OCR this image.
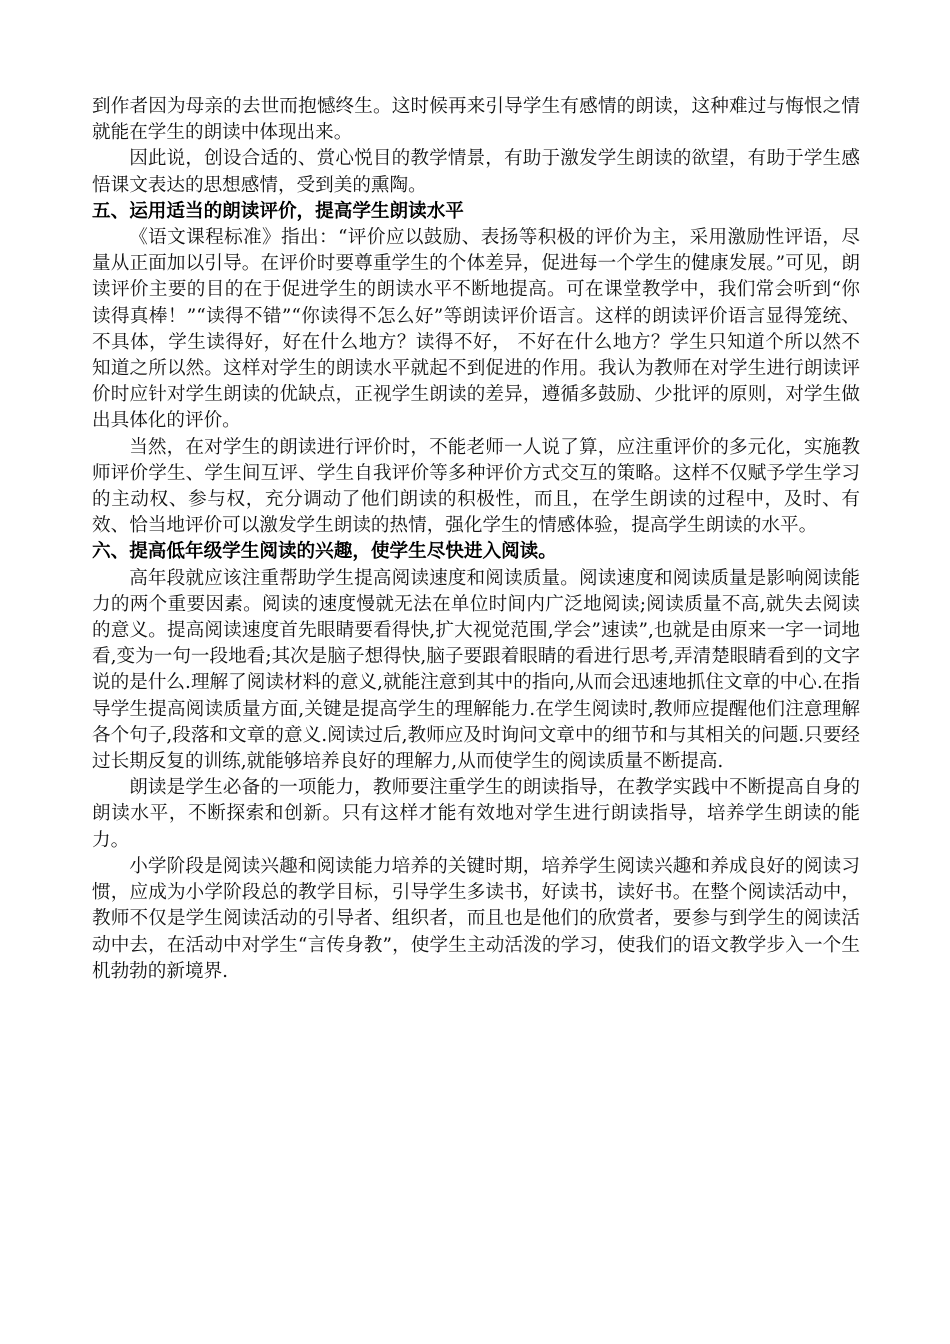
到作者因为母亲的去世而抱憾终生。这时候再来引导学生有感情的朗读，这种难过与悔恨之情就能在学生的朗读中体现出来。

因此说，创设合适的、赏心悦目的教学情景，有助于激发学生朗读的欲望，有助于学生感悟课文表达的思想感情，受到美的熏陶。

五、运用适当的朗读评价，提高学生朗读水平

《语文课程标准》指出：“评价应以鼓励、表扬等积极的评价为主，采用激励性评语，尽量从正面加以引导。在评价时要尊重学生的个体差异，促进每一个学生的健康发展。”可见，朗读评价主要的目的在于促进学生的朗读水平不断地提高。可在课堂教学中，我们常会听到“你读得真棒！”“读得不错”“你读得不怎么好”等朗读评价语言。这样的朗读评价语言显得笼统、不具体，学生读得好，好在什么地方？读得不好， 不好在什么地方？学生只知道个所以然不知道之所以然。这样对学生的朗读水平就起不到促进的作用。我认为教师在对学生进行朗读评价时应针对学生朗读的优缺点，正视学生朗读的差异，遵循多鼓励、少批评的原则，对学生做出具体化的评价。

当然，在对学生的朗读进行评价时，不能老师一人说了算，应注重评价的多元化，实施教师评价学生、学生间互评、学生自我评价等多种评价方式交互的策略。这样不仅赋予学生学习的主动权、参与权，充分调动了他们朗读的积极性，而且，在学生朗读的过程中，及时、有效、恰当地评价可以激发学生朗读的热情，强化学生的情感体验，提高学生朗读的水平。

六、提高低年级学生阅读的兴趣，使学生尽快进入阅读。

高年段就应该注重帮助学生提高阅读速度和阅读质量。阅读速度和阅读质量是影响阅读能力的两个重要因素。阅读的速度慢就无法在单位时间内广泛地阅读;阅读质量不高,就失去阅读的意义。提高阅读速度首先眼睛要看得快,扩大视觉范围,学会”速读”,也就是由原来一字一词地看,变为一句一段地看;其次是脑子想得快,脑子要跟着眼睛的看进行思考,弄清楚眼睛看到的文字说的是什么.理解了阅读材料的意义,就能注意到其中的指向,从而会迅速地抓住文章的中心.在指导学生提高阅读质量方面,关键是提高学生的理解能力.在学生阅读时,教师应提醒他们注意理解各个句子,段落和文章的意义.阅读过后,教师应及时询问文章中的细节和与其相关的问题.只要经过长期反复的训练,就能够培养良好的理解力,从而使学生的阅读质量不断提高.

朗读是学生必备的一项能力，教师要注重学生的朗读指导，在教学实践中不断提高自身的朗读水平，不断探索和创新。只有这样才能有效地对学生进行朗读指导，培养学生朗读的能力。

小学阶段是阅读兴趣和阅读能力培养的关键时期，培养学生阅读兴趣和养成良好的阅读习惯，应成为小学阶段总的教学目标，引导学生多读书，好读书，读好书。在整个阅读活动中，教师不仅是学生阅读活动的引导者、组织者，而且也是他们的欣赏者，要参与到学生的阅读活动中去，在活动中对学生“言传身教”，使学生主动活泼的学习，使我们的语文教学步入一个生机勃勃的新境界.
